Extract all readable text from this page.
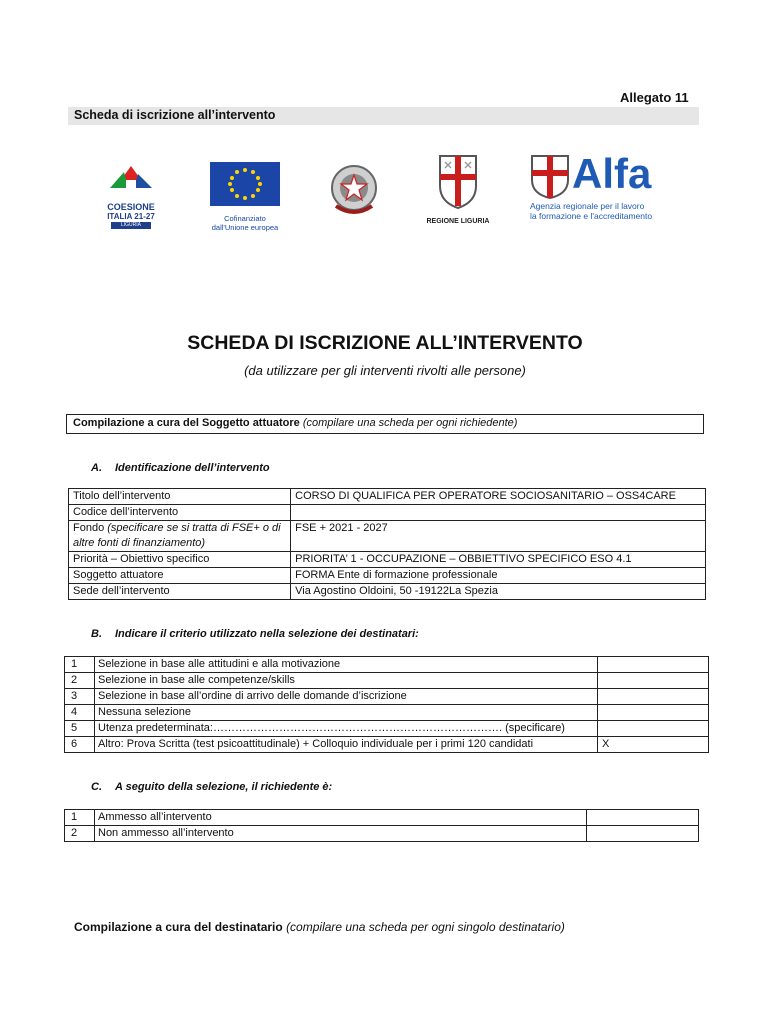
Allegato 11
Scheda di iscrizione all’intervento
COESIONE
ITALIA 21-27
LIGURIA
Cofinanziato
dall'Unione europea
REGIONE LIGURIA
Alfa
Agenzia regionale per il lavoro
la formazione e l'accreditamento
SCHEDA DI ISCRIZIONE ALL’INTERVENTO
(da utilizzare per gli interventi rivolti alle persone)
Compilazione a cura del Soggetto attuatore (compilare una scheda per ogni richiedente)
A. Identificazione dell’intervento
Titolo dell’intervento	CORSO DI QUALIFICA PER OPERATORE SOCIOSANITARIO – OSS4CARE
Codice dell’intervento	
Fondo (specificare se si tratta di FSE+ o di altre fonti di finanziamento)	FSE + 2021 - 2027
Priorità – Obiettivo specifico	PRIORITA’ 1 - OCCUPAZIONE – OBBIETTIVO SPECIFICO ESO 4.1
Soggetto attuatore	FORMA Ente di formazione professionale
Sede dell’intervento	Via Agostino Oldoini, 50 -19122La Spezia
B. Indicare il criterio utilizzato nella selezione dei destinatari:
1	Selezione in base alle attitudini e alla motivazione	
2	Selezione in base alle competenze/skills	
3	Selezione in base all’ordine di arrivo delle domande d’iscrizione	
4	Nessuna selezione	
5	Utenza predeterminata:……………………………………………………………………. (specificare)	
6	Altro: Prova Scritta (test psicoattitudinale) + Colloquio individuale per i primi 120 candidati	X
C. A seguito della selezione, il richiedente è:
1	Ammesso all’intervento	
2	Non ammesso all’intervento	
Compilazione a cura del destinatario (compilare una scheda per ogni singolo destinatario)
